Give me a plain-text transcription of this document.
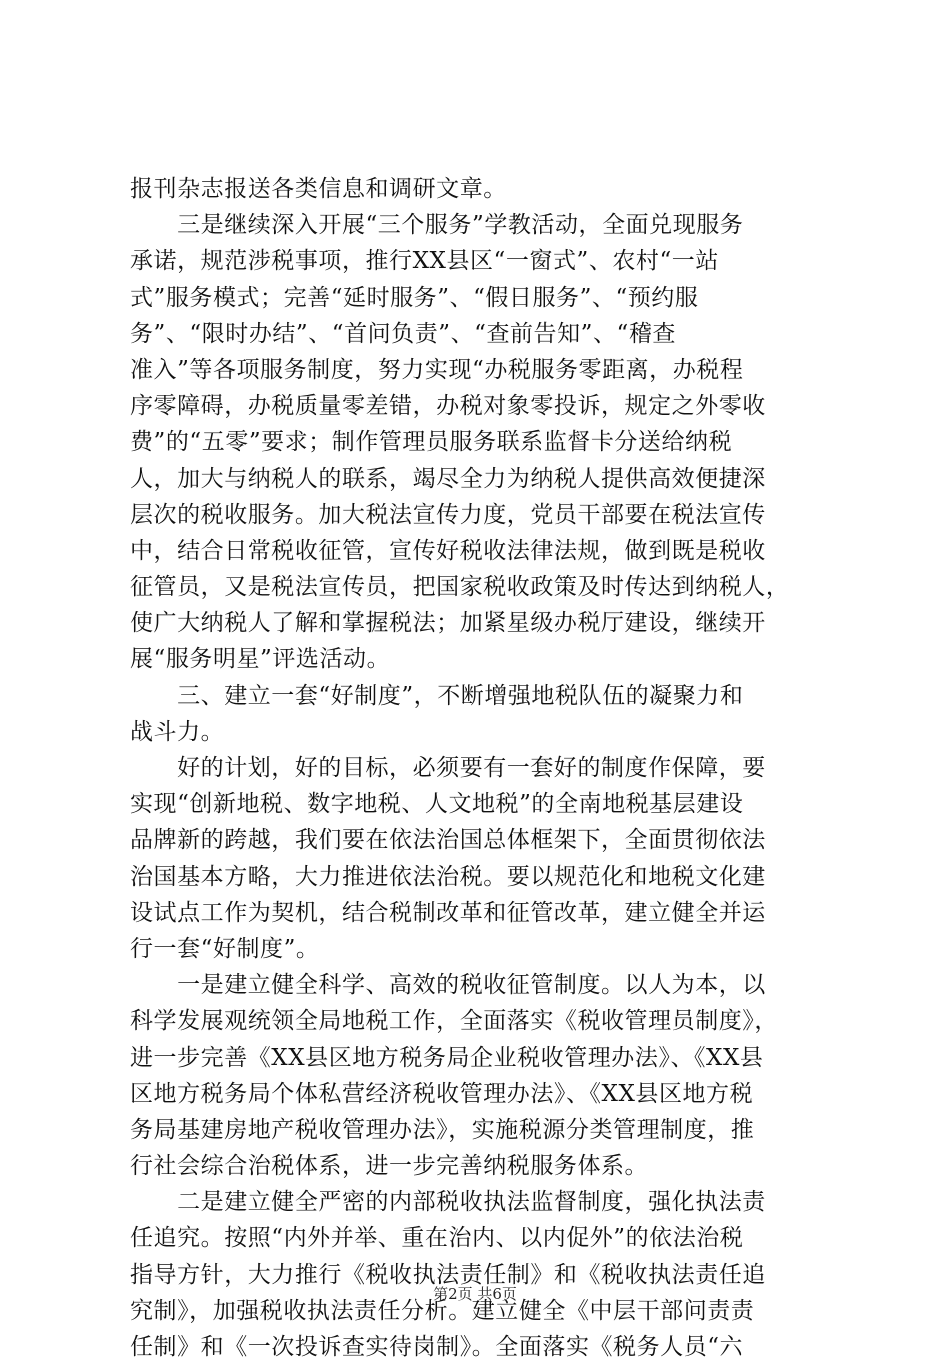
报刊杂志报送各类信息和调研文章。
　　三是继续深入开展“三个服务”学教活动，全面兑现服务
承诺，规范涉税事项，推行XX县区“一窗式”、农村“一站
式”服务模式；完善“延时服务”、“假日服务”、“预约服
务”、“限时办结”、“首问负责”、“查前告知”、“稽查
准入”等各项服务制度，努力实现“办税服务零距离，办税程
序零障碍，办税质量零差错，办税对象零投诉，规定之外零收
费”的“五零”要求；制作管理员服务联系监督卡分送给纳税
人，加大与纳税人的联系，竭尽全力为纳税人提供高效便捷深
层次的税收服务。加大税法宣传力度，党员干部要在税法宣传
中，结合日常税收征管，宣传好税收法律法规，做到既是税收
征管员，又是税法宣传员，把国家税收政策及时传达到纳税人，
使广大纳税人了解和掌握税法；加紧星级办税厅建设，继续开
展“服务明星”评选活动。
　　三、建立一套“好制度”，不断增强地税队伍的凝聚力和
战斗力。
　　好的计划，好的目标，必须要有一套好的制度作保障，要
实现“创新地税、数字地税、人文地税”的全南地税基层建设
品牌新的跨越，我们要在依法治国总体框架下，全面贯彻依法
治国基本方略，大力推进依法治税。要以规范化和地税文化建
设试点工作为契机，结合税制改革和征管改革，建立健全并运
行一套“好制度”。
　　一是建立健全科学、高效的税收征管制度。以人为本，以
科学发展观统领全局地税工作，全面落实《税收管理员制度》，
进一步完善《XX县区地方税务局企业税收管理办法》、《XX县
区地方税务局个体私营经济税收管理办法》、《XX县区地方税
务局基建房地产税收管理办法》，实施税源分类管理制度，推
行社会综合治税体系，进一步完善纳税服务体系。
　　二是建立健全严密的内部税收执法监督制度，强化执法责
任追究。按照“内外并举、重在治内、以内促外”的依法治税
指导方针，大力推行《税收执法责任制》和《税收执法责任追
究制》，加强税收执法责任分析。建立健全《中层干部问责责
任制》和《一次投诉查实待岗制》。全面落实《税务人员“六
第2页 共6页
